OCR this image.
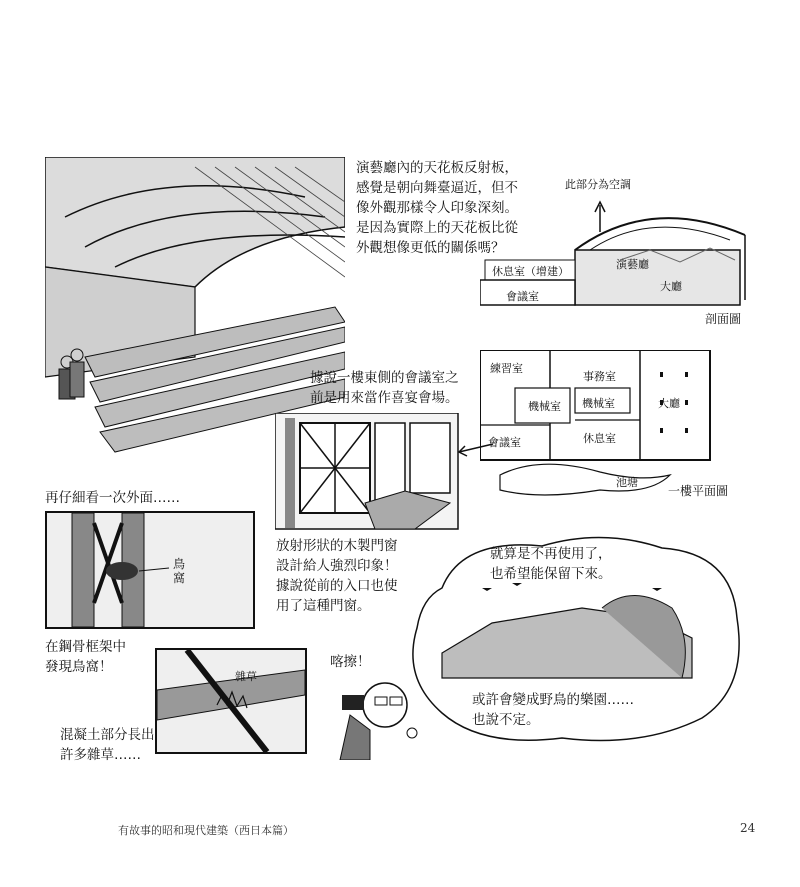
演藝廳內的天花板反射板，
感覺是朝向舞臺逼近，但不
像外觀那樣令人印象深刻。
是因為實際上的天花板比從
外觀想像更低的關係嗎？
此部分為空調
休息室（增建）
演藝廳
大廳
會議室
剖面圖
據說一樓東側的會議室之
前是用來當作喜宴會場。
練習室
機械室
事務室
機械室	大廳
會議室	休息室
池塘
一樓平面圖
放射形狀的木製門窗
設計給人強烈印象！
據說從前的入口也使
用了這種門窗。
再仔細看一次外面……
鳥
窩
在鋼骨框架中
發現鳥窩！
雜草
混凝土部分長出
許多雜草……
喀擦！
就算是不再使用了，
也希望能保留下來。
或許會變成野鳥的樂園……
也說不定。
有故事的昭和現代建築（西日本篇）	24
